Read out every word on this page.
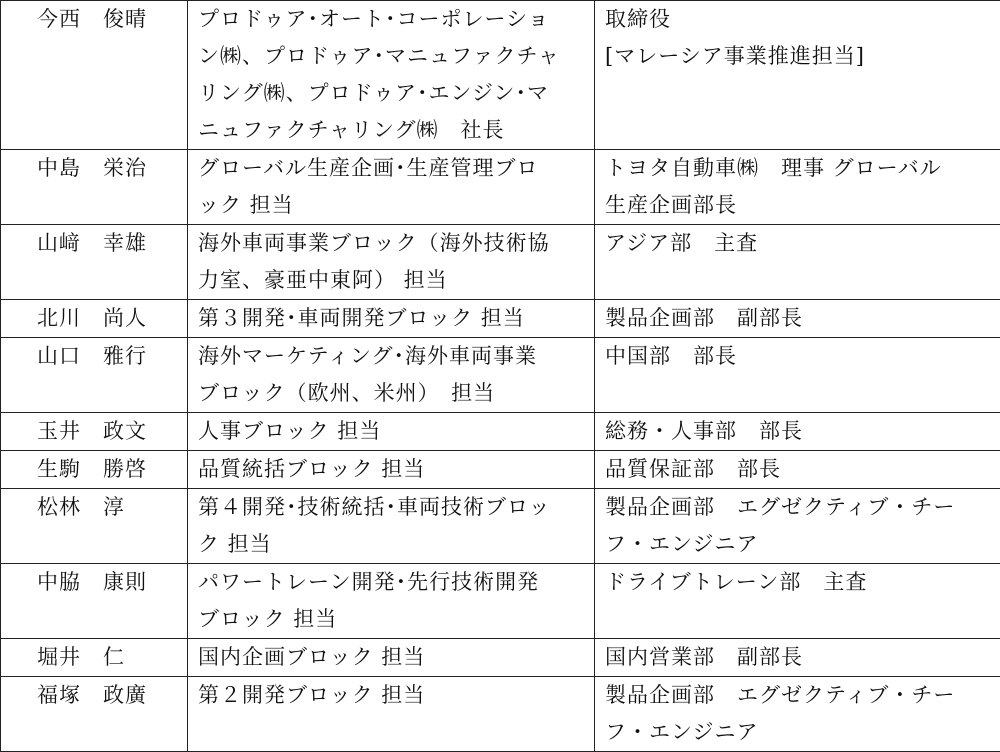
今西　俊晴	プロドゥア･オート･コーポレーショ
ン㈱、プロドゥア･マニュファクチャ
リング㈱、プロドゥア･エンジン･マ
ニュファクチャリング㈱　社長	取締役
[マレーシア事業推進担当]

中島　栄治	グローバル生産企画･生産管理ブロ
ック 担当	トヨタ自動車㈱　理事 グローバル
生産企画部長

山﨑　幸雄	海外車両事業ブロック（海外技術協
力室、豪亜中東阿） 担当	アジア部　主査

北川　尚人	第３開発･車両開発ブロック 担当	製品企画部　副部長

山口　雅行	海外マーケティング･海外車両事業
ブロック（欧州、米州）　担当	中国部　部長

玉井　政文	人事ブロック 担当	総務・人事部　部長

生駒　勝啓	品質統括ブロック 担当	品質保証部　部長

松林　淳	第４開発･技術統括･車両技術ブロッ
ク 担当	製品企画部　エグゼクティブ・チー
フ・エンジニア

中脇　康則	パワートレーン開発･先行技術開発
ブロック 担当	ドライブトレーン部　主査

堀井　仁	国内企画ブロック 担当	国内営業部　副部長

福塚　政廣	第２開発ブロック 担当	製品企画部　エグゼクティブ・チー
フ・エンジニア
